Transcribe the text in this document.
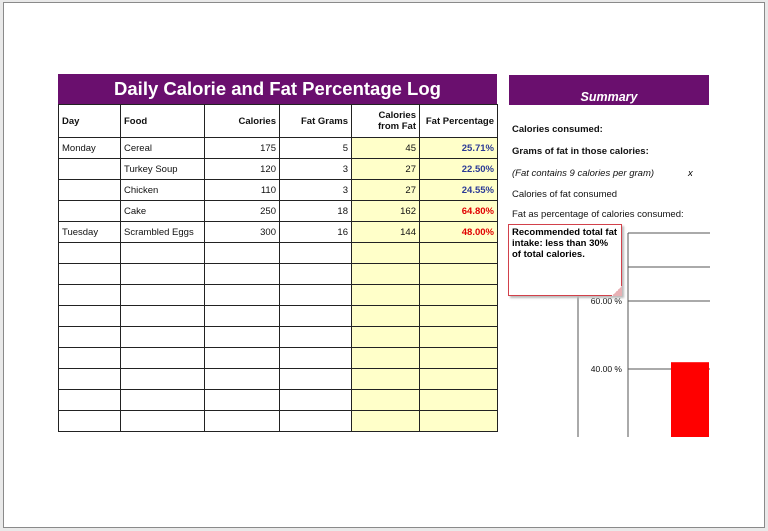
Daily Calorie and Fat Percentage Log
Day	Food	Calories	Fat Grams	Calories from Fat	Fat Percentage
Monday	Cereal	175	5	45	25.71%
	Turkey Soup	120	3	27	22.50%
	Chicken	110	3	27	24.55%
	Cake	250	18	162	64.80%
Tuesday	Scrambled Eggs	300	16	144	48.00%

Summary
Calories consumed:
Grams of fat in those calories:
(Fat contains 9 calories per gram)	x
Calories of fat consumed
Fat as percentage of calories consumed:
60.00 %
40.00 %
Recommended total fat intake: less than 30% of total calories.
